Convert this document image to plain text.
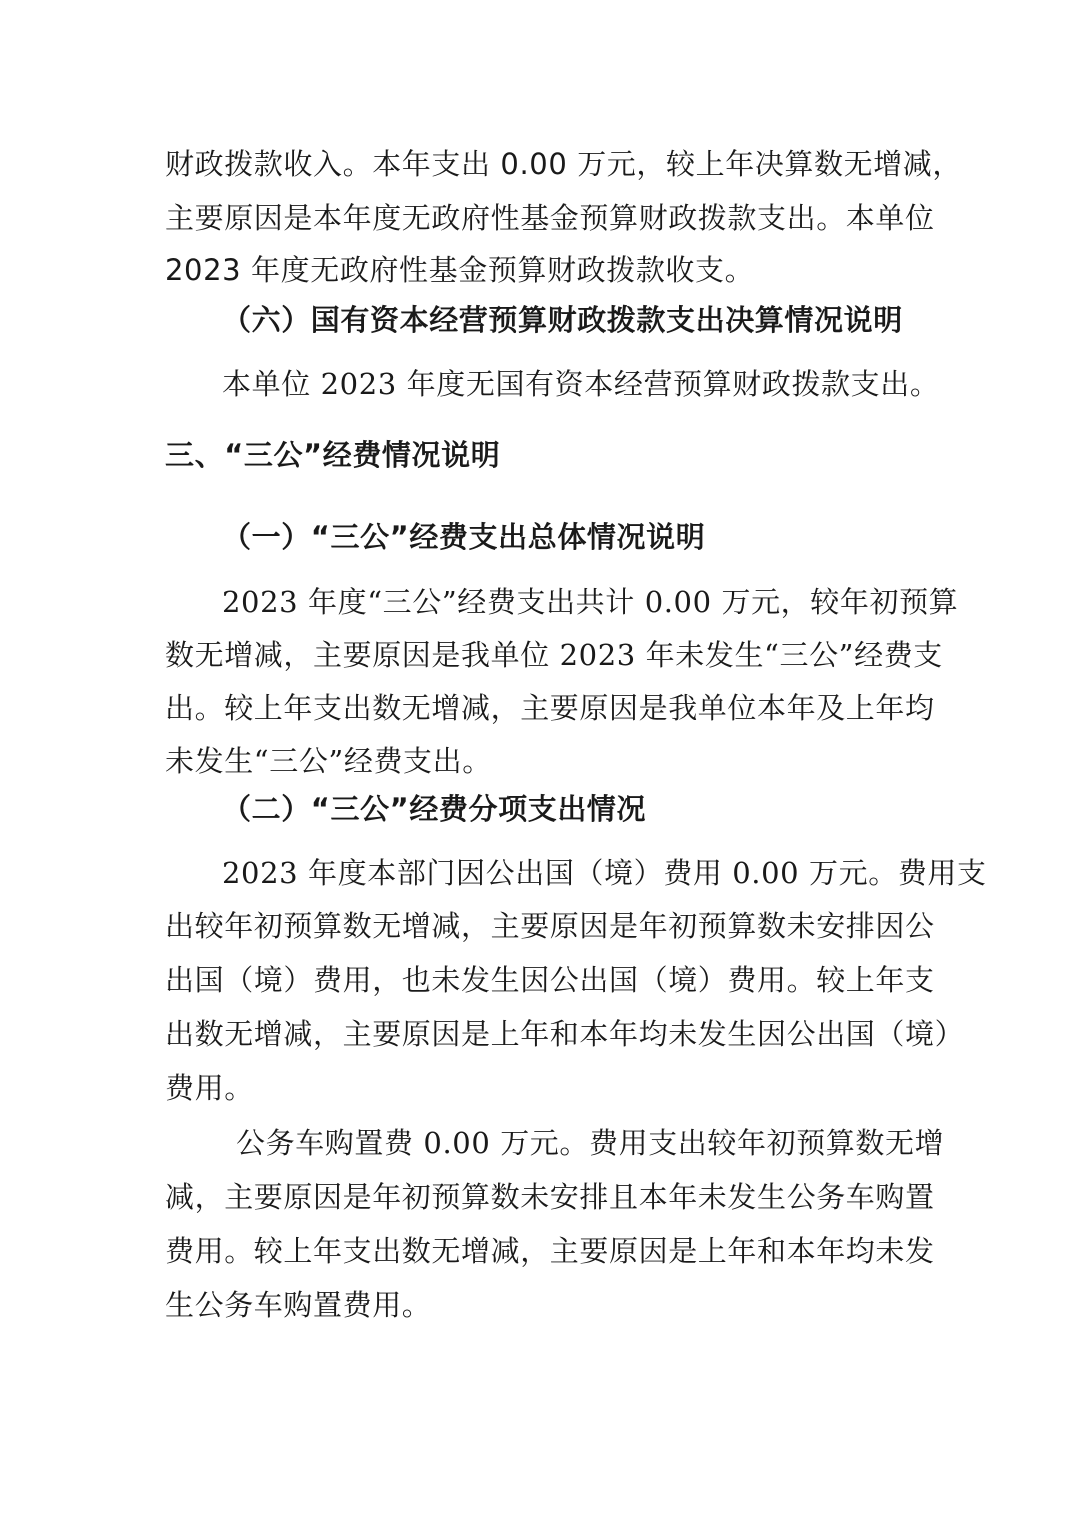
财政拨款收入。本年支出 0.00 万元，较上年决算数无增减，
主要原因是本年度无政府性基金预算财政拨款支出。本单位
2023 年度无政府性基金预算财政拨款收支。
（六）国有资本经营预算财政拨款支出决算情况说明
本单位 2023 年度无国有资本经营预算财政拨款支出。
三、“三公”经费情况说明
（一）“三公”经费支出总体情况说明
2023 年度“三公”经费支出共计 0.00 万元，较年初预算
数无增减，主要原因是我单位 2023 年未发生“三公”经费支
出。较上年支出数无增减，主要原因是我单位本年及上年均
未发生“三公”经费支出。
（二）“三公”经费分项支出情况
2023 年度本部门因公出国（境）费用 0.00 万元。费用支
出较年初预算数无增减，主要原因是年初预算数未安排因公
出国（境）费用，也未发生因公出国（境）费用。较上年支
出数无增减，主要原因是上年和本年均未发生因公出国（境）
费用。
公务车购置费 0.00 万元。费用支出较年初预算数无增
减，主要原因是年初预算数未安排且本年未发生公务车购置
费用。较上年支出数无增减，主要原因是上年和本年均未发
生公务车购置费用。
